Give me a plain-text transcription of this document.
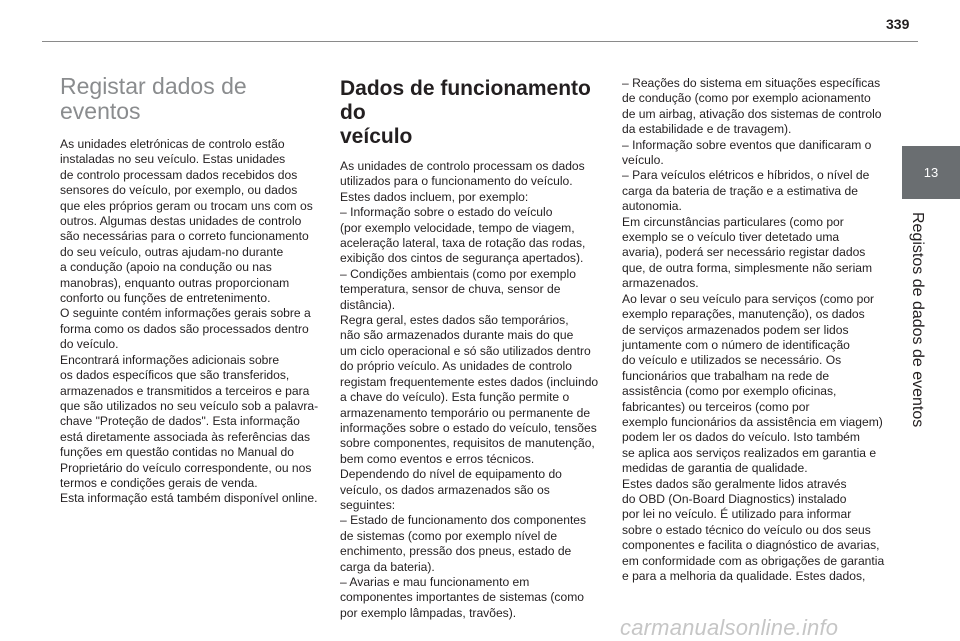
339
13
Registos de dados de eventos
Registar dados de eventos

As unidades eletrónicas de controlo estão

instaladas no seu veículo. Estas unidades

de controlo processam dados recebidos dos

sensores do veículo, por exemplo, ou dados

que eles próprios geram ou trocam uns com os

outros. Algumas destas unidades de controlo

são necessárias para o correto funcionamento

do seu veículo, outras ajudam-no durante

a condução (apoio na condução ou nas

manobras), enquanto outras proporcionam

conforto ou funções de entretenimento.

O seguinte contém informações gerais sobre a

forma como os dados são processados dentro

do veículo.

Encontrará informações adicionais sobre

os dados específicos que são transferidos,

armazenados e transmitidos a terceiros e para

que são utilizados no seu veículo sob a palavra-

chave "Proteção de dados". Esta informação

está diretamente associada às referências das

funções em questão contidas no Manual do

Proprietário do veículo correspondente, ou nos

termos e condições gerais de venda.

Esta informação está também disponível online.

Dados de funcionamento do
veículo

As unidades de controlo processam os dados

utilizados para o funcionamento do veículo.

Estes dados incluem, por exemplo:

– Informação sobre o estado do veículo

(por exemplo velocidade, tempo de viagem,

aceleração lateral, taxa de rotação das rodas,

exibição dos cintos de segurança apertados).

– Condições ambientais (como por exemplo

temperatura, sensor de chuva, sensor de

distância).

Regra geral, estes dados são temporários,

não são armazenados durante mais do que

um ciclo operacional e só são utilizados dentro

do próprio veículo. As unidades de controlo

registam frequentemente estes dados (incluindo

a chave do veículo). Esta função permite o

armazenamento temporário ou permanente de

informações sobre o estado do veículo, tensões

sobre componentes, requisitos de manutenção,

bem como eventos e erros técnicos.

Dependendo do nível de equipamento do

veículo, os dados armazenados são os

seguintes:

– Estado de funcionamento dos componentes

de sistemas (como por exemplo nível de

enchimento, pressão dos pneus, estado de

carga da bateria).

– Avarias e mau funcionamento em

componentes importantes de sistemas (como

por exemplo lâmpadas, travões).

– Reações do sistema em situações específicas

de condução (como por exemplo acionamento

de um airbag, ativação dos sistemas de controlo

da estabilidade e de travagem).

– Informação sobre eventos que danificaram o

veículo.

– Para veículos elétricos e híbridos, o nível de

carga da bateria de tração e a estimativa de

autonomia.

Em circunstâncias particulares (como por

exemplo se o veículo tiver detetado uma

avaria), poderá ser necessário registar dados

que, de outra forma, simplesmente não seriam

armazenados.

Ao levar o seu veículo para serviços (como por

exemplo reparações, manutenção), os dados

de serviços armazenados podem ser lidos

juntamente com o número de identificação

do veículo e utilizados se necessário. Os

funcionários que trabalham na rede de

assistência (como por exemplo oficinas,

fabricantes) ou terceiros (como por

exemplo funcionários da assistência em viagem)

podem ler os dados do veículo. Isto também

se aplica aos serviços realizados em garantia e

medidas de garantia de qualidade.

Estes dados são geralmente lidos através

do OBD (On-Board Diagnostics) instalado

por lei no veículo. É utilizado para informar

sobre o estado técnico do veículo ou dos seus

componentes e facilita o diagnóstico de avarias,

em conformidade com as obrigações de garantia

e para a melhoria da qualidade. Estes dados,

carmanualsonline.info
